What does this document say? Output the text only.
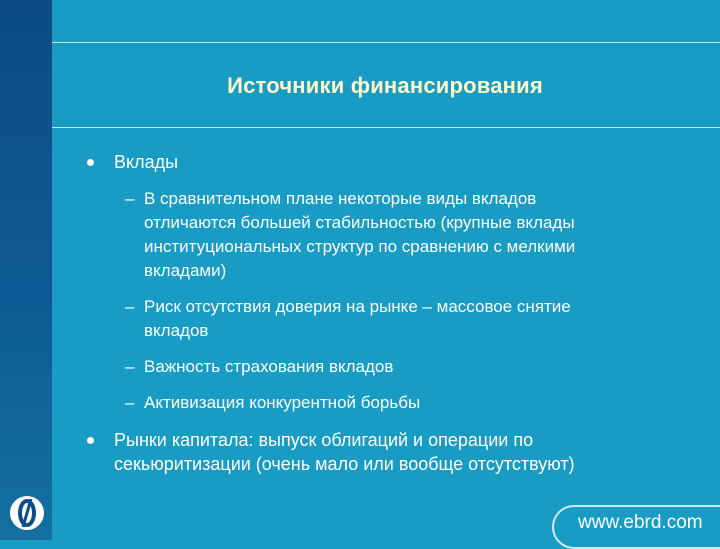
Источники финансирования
Вклады
– В сравнительном плане некоторые виды вкладов
отличаются большей стабильностью (крупные вклады
институциональных структур по сравнению с мелкими
вкладами)
– Риск отсутствия доверия на рынке – массовое снятие
вкладов
– Важность страхования вкладов
– Активизация конкурентной борьбы
Рынки капитала: выпуск облигаций и операции по
секьюритизации (очень мало или вообще отсутствуют)
www.ebrd.com
